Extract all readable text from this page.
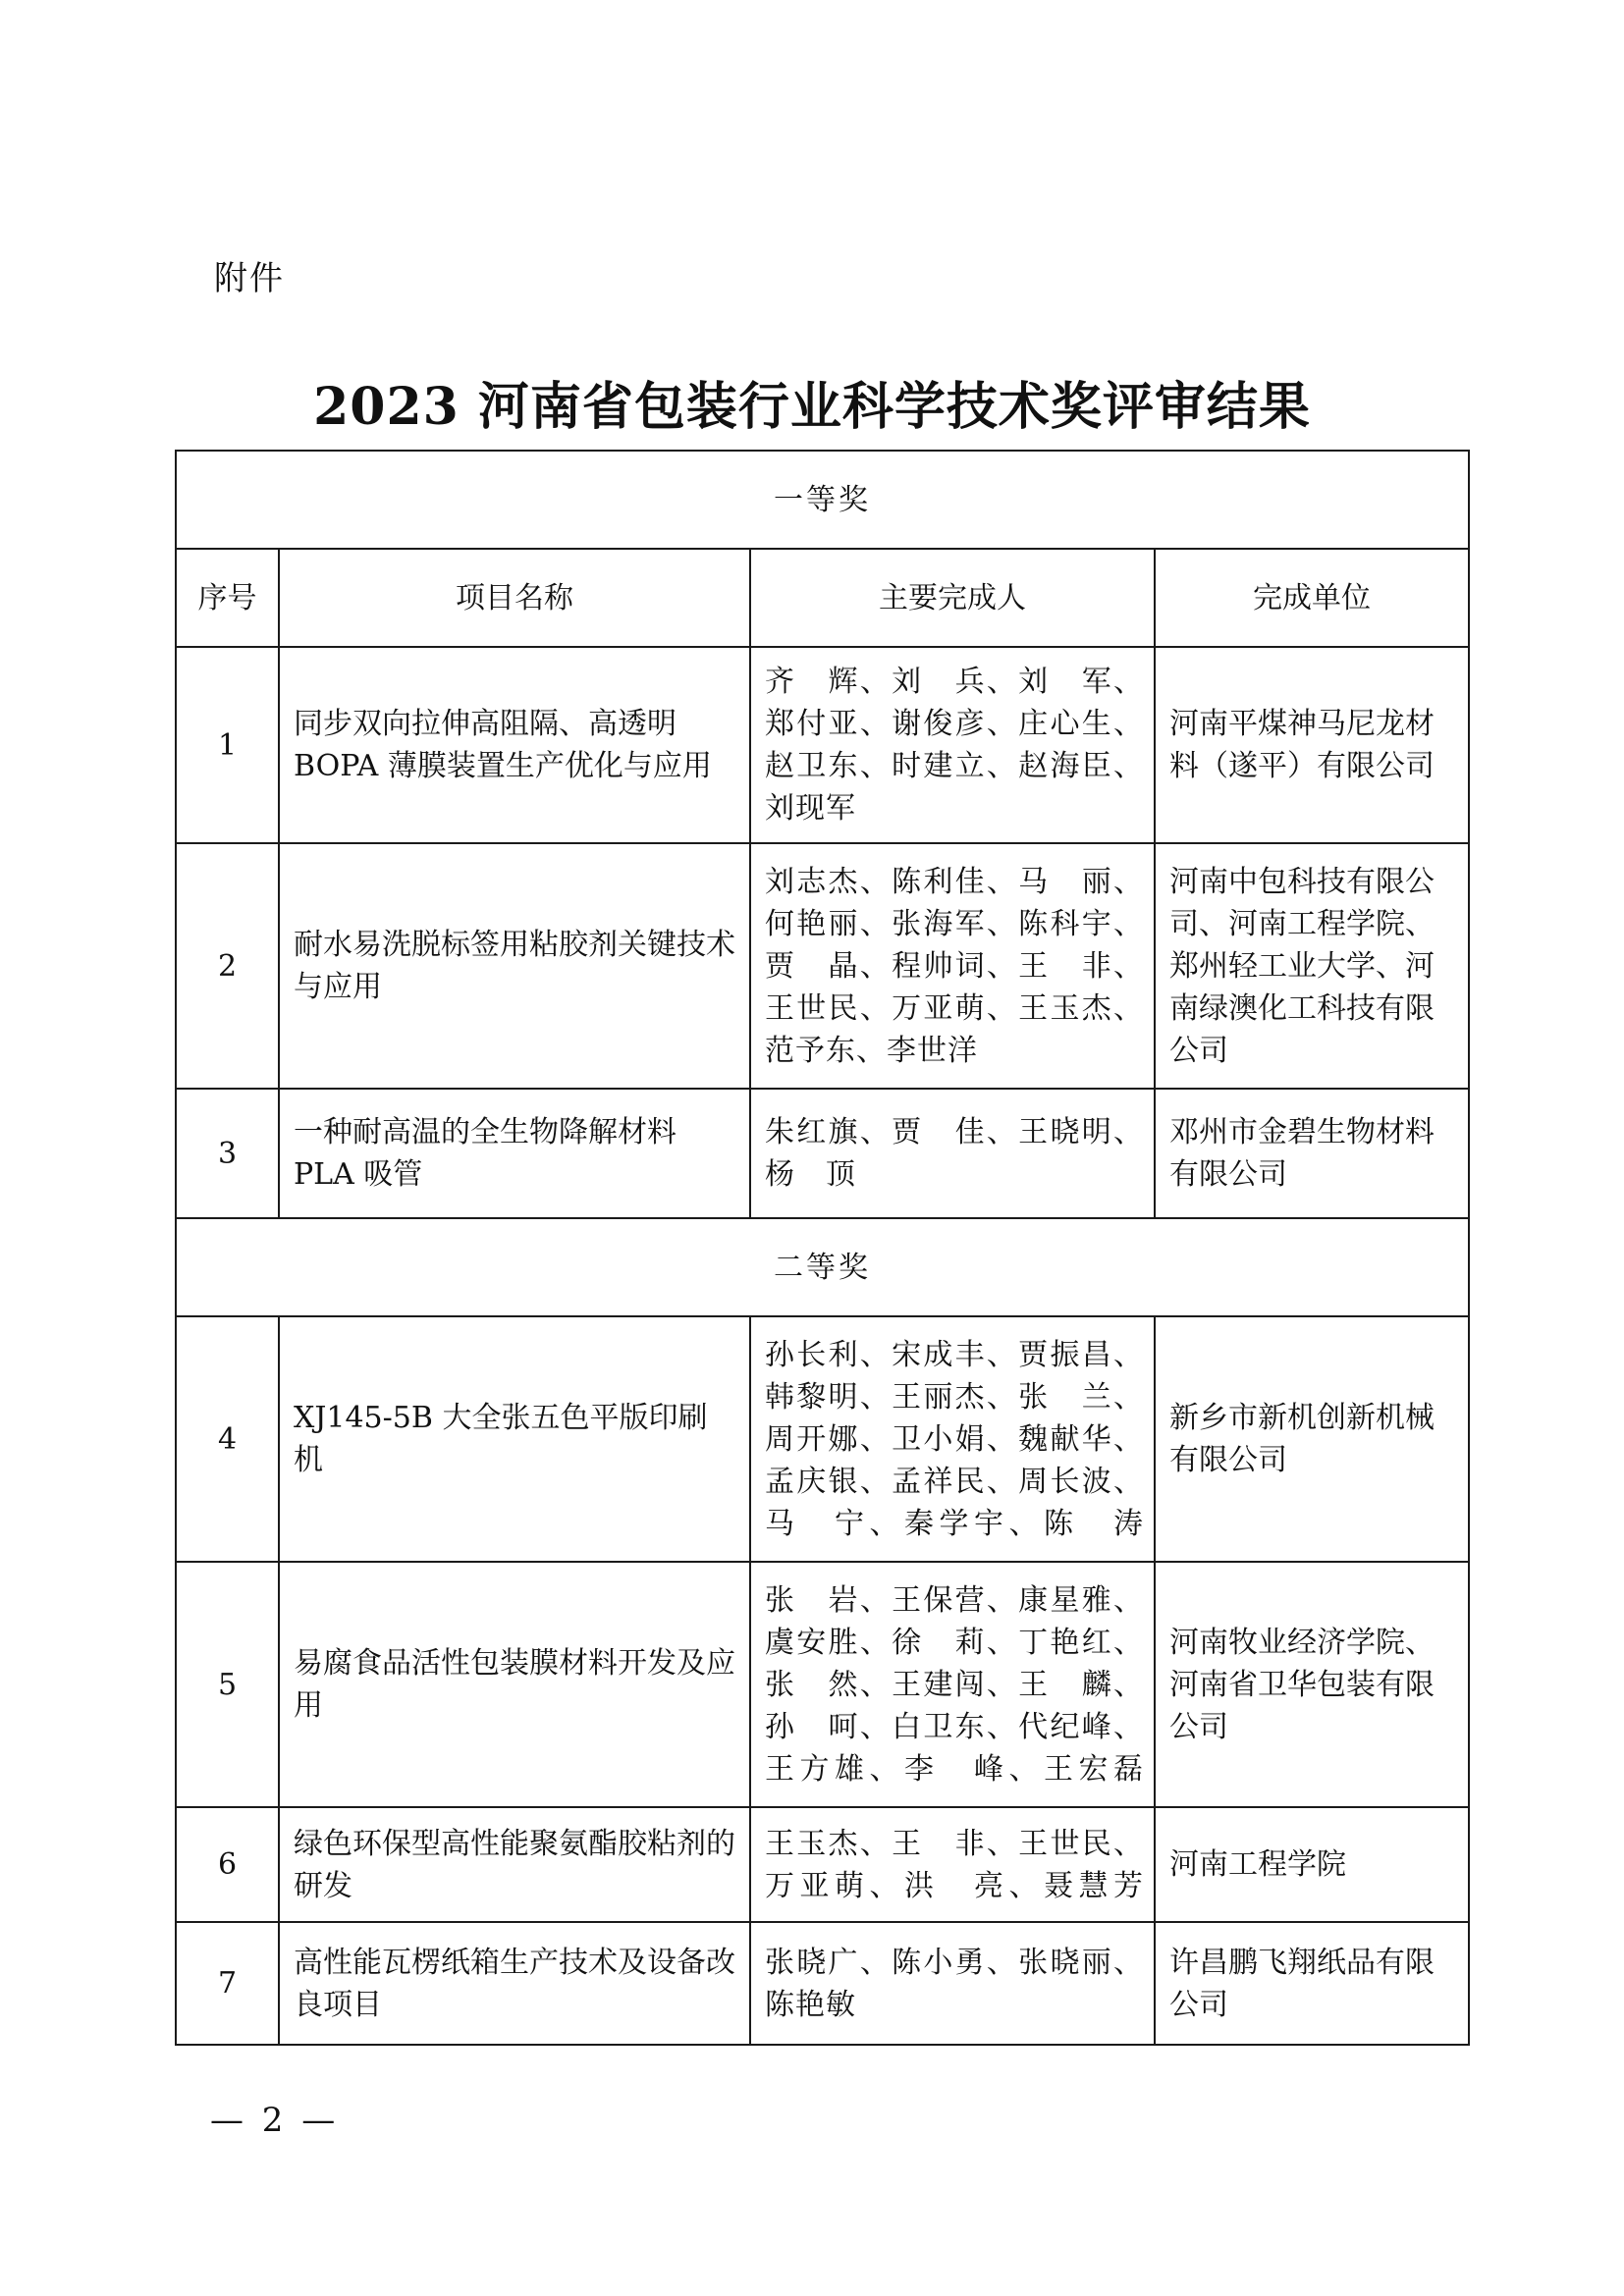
附件
2023 河南省包装行业科学技术奖评审结果
一等奖			
序号	项目名称	主要完成人	完成单位
1	同步双向拉伸高阻隔、高透明BOPA 薄膜装置生产优化与应用	齐　辉、刘　兵、刘　军、
郑付亚、谢俊彦、庄心生、
赵卫东、时建立、赵海臣、
刘现军	河南平煤神马尼龙材料（遂平）有限公司
2	耐水易洗脱标签用粘胶剂关键技术与应用	刘志杰、陈利佳、马　丽、
何艳丽、张海军、陈科宇、
贾　晶、程帅词、王　非、
王世民、万亚萌、王玉杰、
范予东、李世洋	河南中包科技有限公司、河南工程学院、郑州轻工业大学、河南绿澳化工科技有限公司
3	一种耐高温的全生物降解材料PLA 吸管	朱红旗、贾　佳、王晓明、
杨　顶	邓州市金碧生物材料有限公司
二等奖			
4	XJ145-5B 大全张五色平版印刷机	孙长利、宋成丰、贾振昌、
韩黎明、王丽杰、张　兰、
周开娜、卫小娟、魏献华、
孟庆银、孟祥民、周长波、
马　宁、秦学宇、陈　涛	新乡市新机创新机械有限公司
5	易腐食品活性包装膜材料开发及应用	张　岩、王保营、康星雅、
虞安胜、徐　莉、丁艳红、
张　然、王建闯、王　麟、
孙　呵、白卫东、代纪峰、
王方雄、李　峰、王宏磊	河南牧业经济学院、河南省卫华包装有限公司
6	绿色环保型高性能聚氨酯胶粘剂的研发	王玉杰、王　非、王世民、
万亚萌、洪　亮、聂慧芳	河南工程学院
7	高性能瓦楞纸箱生产技术及设备改良项目	张晓广、陈小勇、张晓丽、
陈艳敏	许昌鹏飞翔纸品有限公司
— 2 —
